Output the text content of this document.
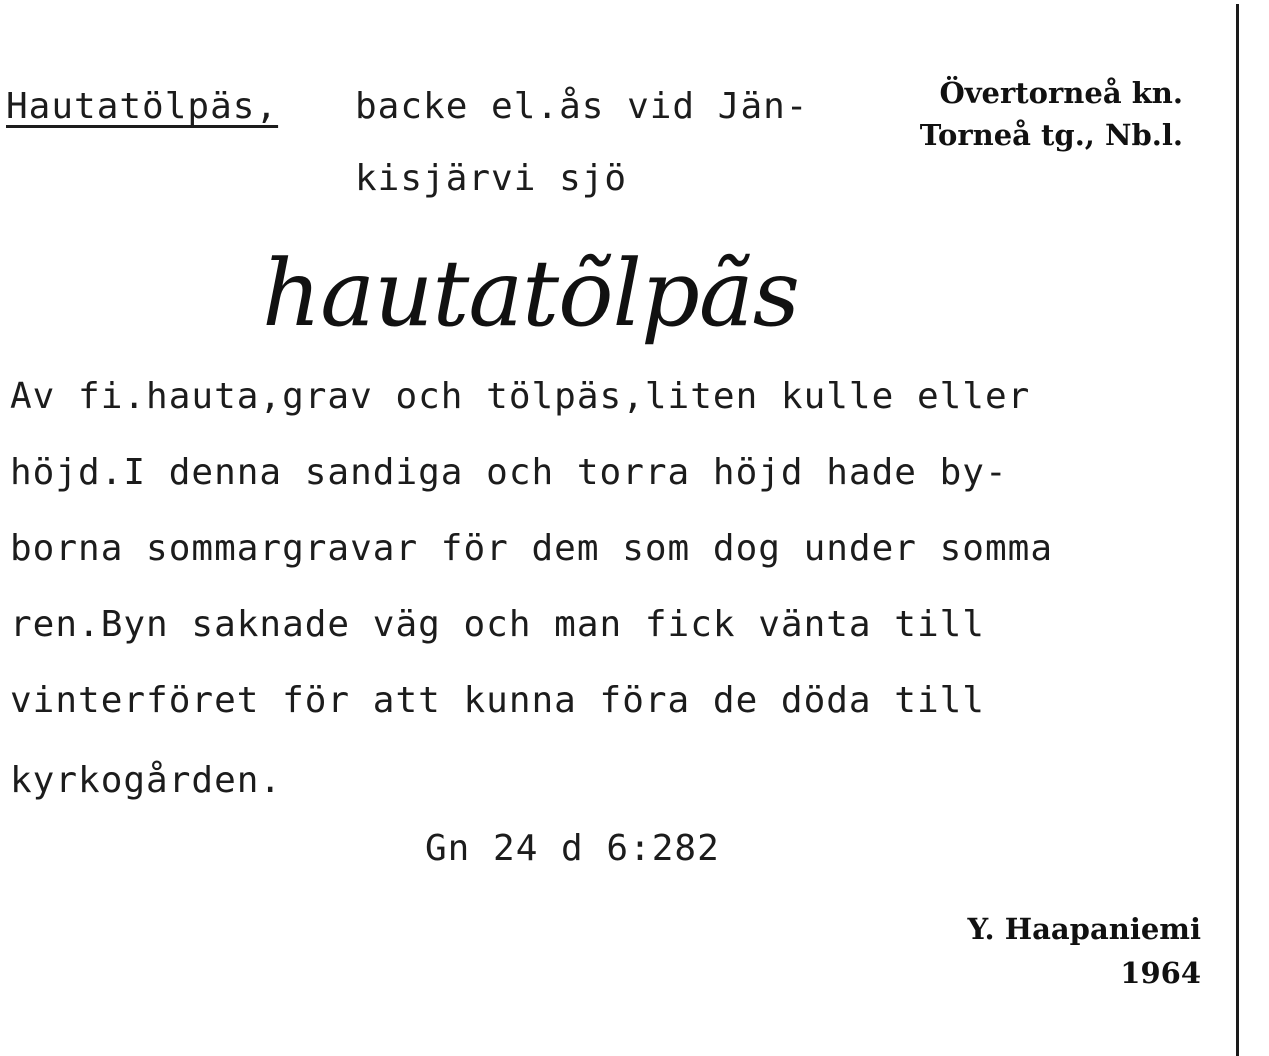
Hautatölpäs, backe el.ås vid Jän-
kisjärvi sjö
Övertorneå kn.
Torneå tg., Nb.l.
hautatõlpãs
Av fi.hauta,grav och tölpäs,liten kulle eller
höjd.I denna sandiga och torra höjd hade by-
borna sommargravar för dem som dog under somma
ren.Byn saknade väg och man fick vänta till
vinterföret för att kunna föra de döda till
kyrkogården.
Gn 24 d 6:282
Y. Haapaniemi
1964
